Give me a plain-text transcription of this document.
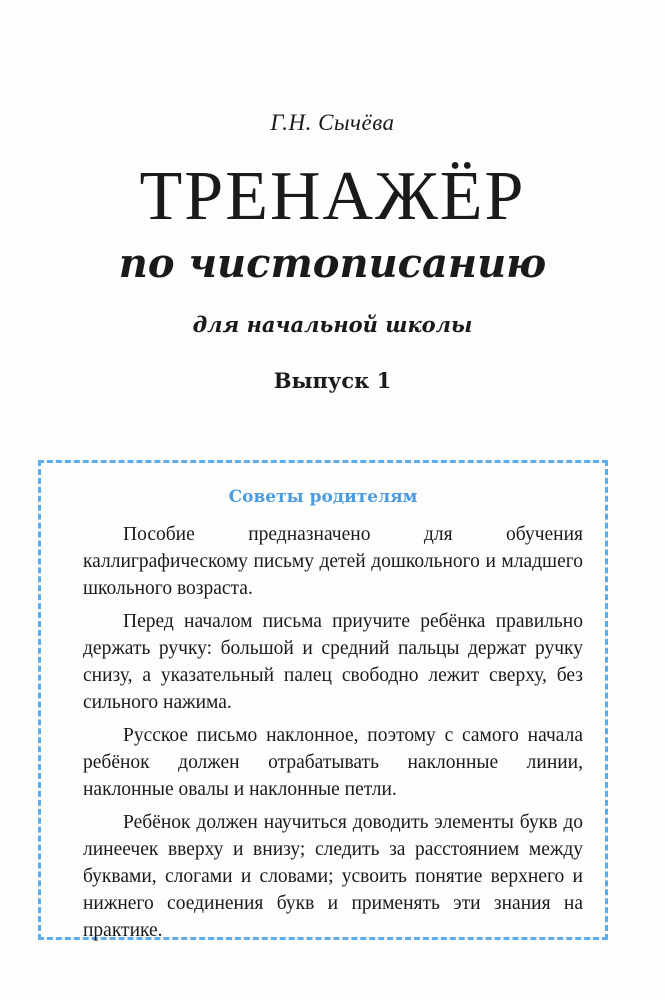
Г.Н. Сычёва
ТРЕНАЖЁР
по чистописанию
для начальной школы
Выпуск 1
Советы родителям

Пособие предназначено для обучения каллиграфическому письму детей дошкольного и младшего школьного возраста.

Перед началом письма приучите ребёнка правильно держать ручку: большой и средний пальцы держат ручку снизу, а указательный палец свободно лежит сверху, без сильного нажима.

Русское письмо наклонное, поэтому с самого начала ребёнок должен отрабатывать наклонные линии, наклонные овалы и наклонные петли.

Ребёнок должен научиться доводить элементы букв до линеечек вверху и внизу; следить за расстоянием между буквами, слогами и словами; усвоить понятие верхнего и нижнего соединения букв и применять эти знания на практике.
